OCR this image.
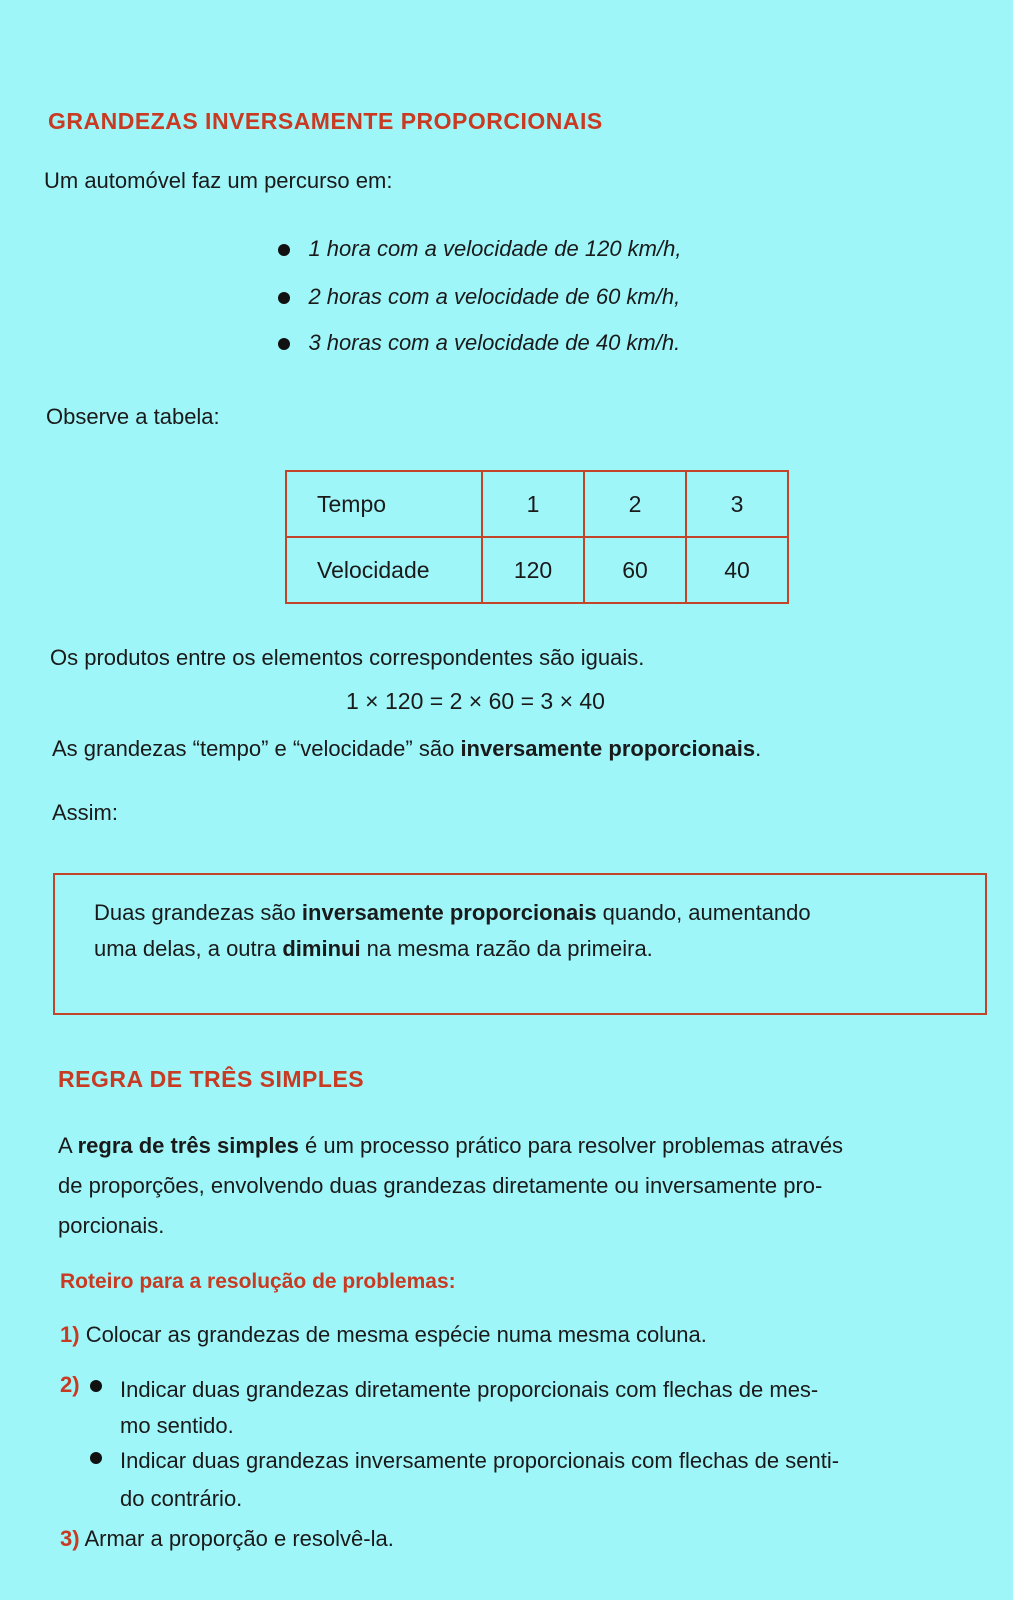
GRANDEZAS INVERSAMENTE PROPORCIONAIS
Um automóvel faz um percurso em:
1 hora com a velocidade de 120 km/h,
2 horas com a velocidade de 60 km/h,
3 horas com a velocidade de 40 km/h.
Observe a tabela:
Tempo	1	2	3
Velocidade	120	60	40
Os produtos entre os elementos correspondentes são iguais.
1 × 120 = 2 × 60 = 3 × 40
As grandezas “tempo” e “velocidade” são inversamente proporcionais.
Assim:
Duas grandezas são inversamente proporcionais quando, aumentando
uma delas, a outra diminui na mesma razão da primeira.
REGRA DE TRÊS SIMPLES
A regra de três simples é um processo prático para resolver problemas através
de proporções, envolvendo duas grandezas diretamente ou inversamente pro-
porcionais.
Roteiro para a resolução de problemas:
1) Colocar as grandezas de mesma espécie numa mesma coluna.
2) Indicar duas grandezas diretamente proporcionais com flechas de mes-
mo sentido.
Indicar duas grandezas inversamente proporcionais com flechas de senti-
do contrário.
3) Armar a proporção e resolvê-la.
